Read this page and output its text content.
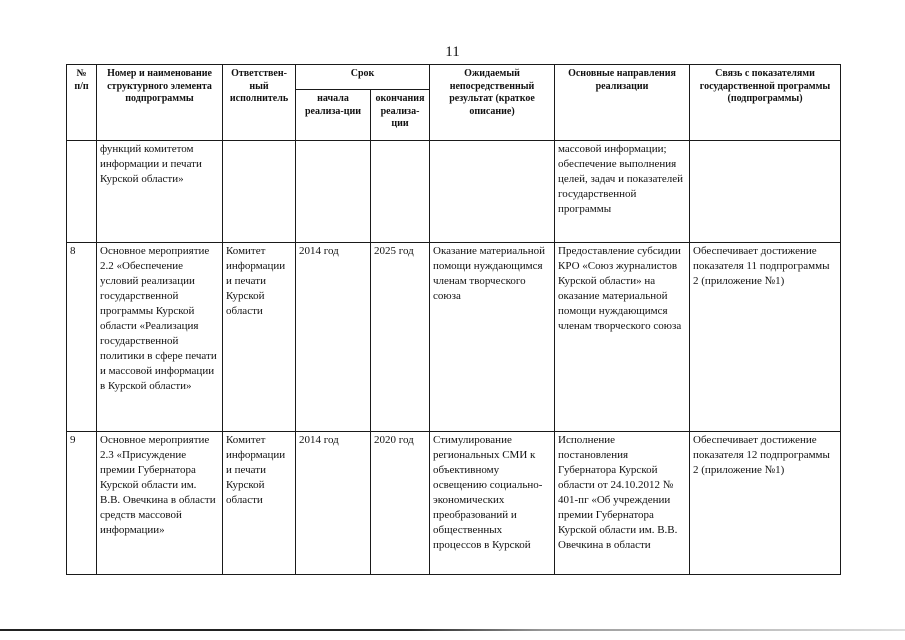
11
№
п/п	Номер и наименование структурного элемента подпрограммы	Ответствен-ный исполнитель	Срок		Ожидаемый непосредственный результат (краткое описание)	Основные направления реализации	Связь с показателями государственной программы (подпрограммы)
			начала реализа-ции	окончания реализа-ции			
	функций комитетом информации и печати Курской области»					массовой информации; обеспечение выполнения целей, задач и показателей государственной программы	
8	Основное мероприятие 2.2 «Обеспечение условий реализации государственной программы Курской области «Реализация государственной политики в сфере печати и массовой информации в Курской области»	Комитет информации и печати Курской области	2014 год	2025 год	Оказание материальной помощи нуждающимся членам творческого союза	Предоставление субсидии КРО «Союз журналистов Курской области» на оказание материальной помощи нуждающимся членам творческого союза	Обеспечивает достижение показателя 11 подпрограммы 2 (приложение №1)
9	Основное мероприятие 2.3 «Присуждение премии Губернатора Курской области им. В.В. Овечкина в области средств массовой информации»	Комитет информации и печати Курской области	2014 год	2020 год	Стимулирование региональных СМИ к объективному освещению социально-экономических преобразований и общественных процессов в Курской	Исполнение постановления Губернатора Курской области от 24.10.2012 № 401-пг «Об учреждении премии Губернатора Курской области им. В.В. Овечкина в области	Обеспечивает достижение показателя 12 подпрограммы 2 (приложение №1)
